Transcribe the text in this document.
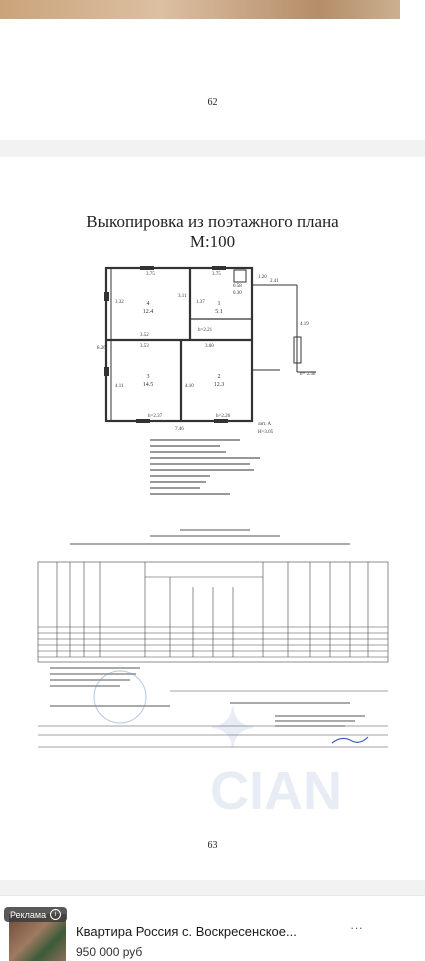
62
Выкопировка из поэтажного плана
М:100
3.75	3.75
0.58
0.30
1.20
8.26
3.32
3.11
1.37
3.52
3.53	3.60
h=2.21
4.11	4.10
h=2.37	h=2.26
7.46
лит. А
H=3.05
2.41
4.19
h= 2.40
4
12.4
1
5.1
3
14.5
2
12.3
✦ CIAN
63
Реклама	i
Квартира Россия с. Воскресенское...	...
950 000 руб
